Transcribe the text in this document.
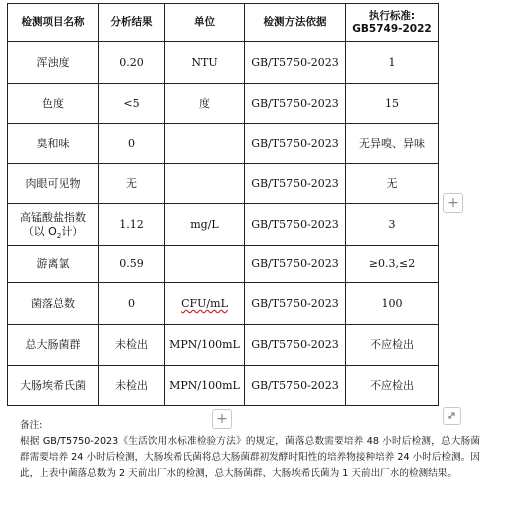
检测项目名称	分析结果	单位	检测方法依据	执行标准:
GB5749-2022

浑浊度	0.20	NTU	GB/T5750-2023	1
色度	<5	度	GB/T5750-2023	15
臭和味	0		GB/T5750-2023	无异嗅、异味
肉眼可见物	无		GB/T5750-2023	无

高锰酸盐指数
（以 $O_2$计）	1.12	mg/L	GB/T5750-2023	3
游离氯	0.59		GB/T5750-2023	≥0.3,≤2
菌落总数	0	CFU/mL	GB/T5750-2023	100
总大肠菌群	未检出	MPN/100mL	GB/T5750-2023	不应检出
大肠埃希氏菌	未检出	MPN/100mL	GB/T5750-2023	不应检出
+
+
备注:
根据 GB/T5750-2023《生活饮用水标准检验方法》的规定，菌落总数需要培养 48 小时后检测，总大肠菌群需要培养 24 小时后检测，大肠埃希氏菌将总大肠菌群初发酵时阳性的培养物接种培养 24 小时后检测。因此，上表中菌落总数为 2 天前出厂水的检测，总大肠菌群、大肠埃希氏菌为 1 天前出厂水的检测结果。
